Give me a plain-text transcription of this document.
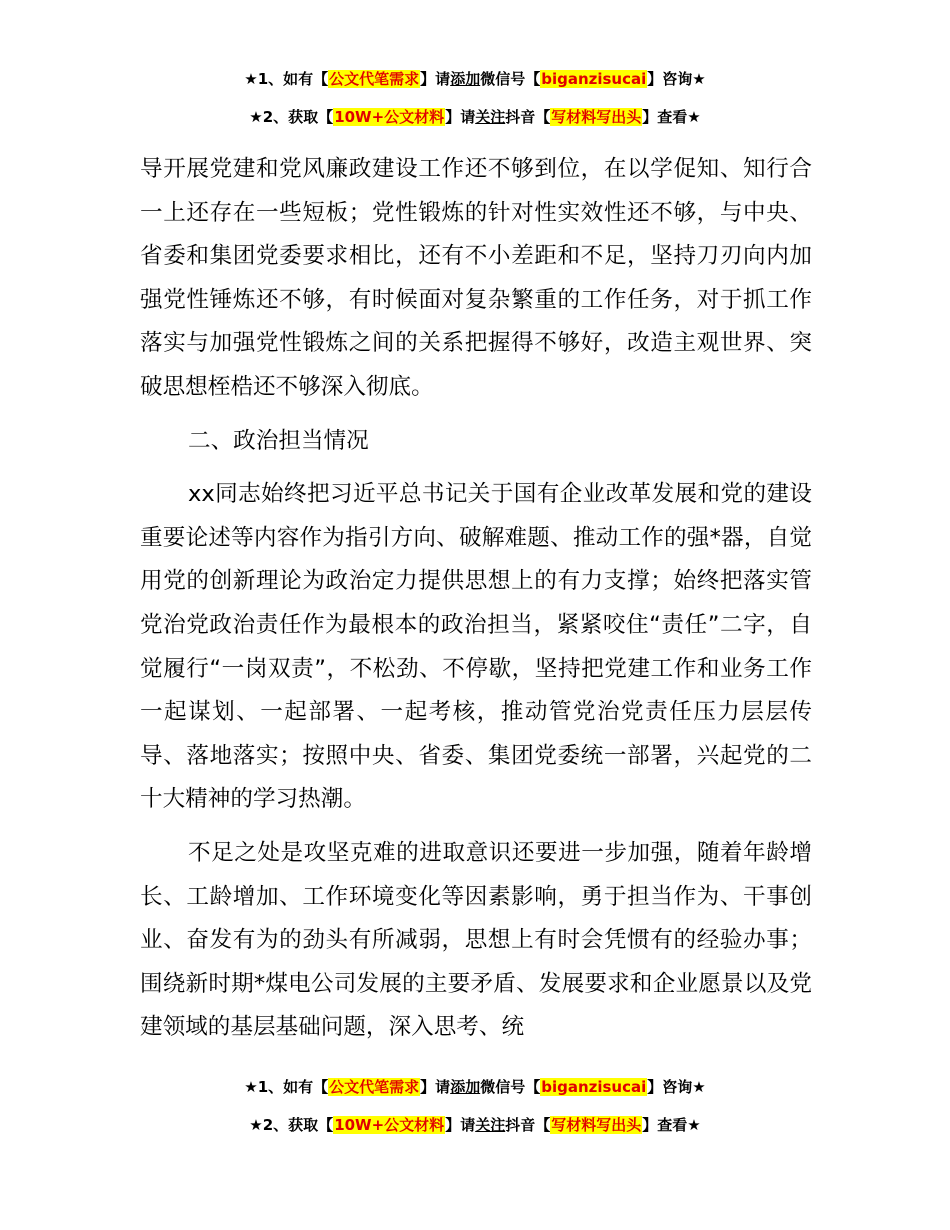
★1、如有【公文代笔需求】请添加微信号【biganzisucai】咨询★
★2、获取【10W+公文材料】请关注抖音【写材料写出头】查看★

导开展党建和党风廉政建设工作还不够到位，在以学促知、知行合一上还存在一些短板；党性锻炼的针对性实效性还不够，与中央、省委和集团党委要求相比，还有不小差距和不足，坚持刀刃向内加强党性锤炼还不够，有时候面对复杂繁重的工作任务，对于抓工作落实与加强党性锻炼之间的关系把握得不够好，改造主观世界、突破思想桎梏还不够深入彻底。

二、政治担当情况

xx同志始终把习近平总书记关于国有企业改革发展和党的建设重要论述等内容作为指引方向、破解难题、推动工作的强*器，自觉用党的创新理论为政治定力提供思想上的有力支撑；始终把落实管党治党政治责任作为最根本的政治担当，紧紧咬住“责任”二字，自觉履行“一岗双责”，不松劲、不停歇，坚持把党建工作和业务工作一起谋划、一起部署、一起考核，推动管党治党责任压力层层传导、落地落实；按照中央、省委、集团党委统一部署，兴起党的二十大精神的学习热潮。

不足之处是攻坚克难的进取意识还要进一步加强，随着年龄增长、工龄增加、工作环境变化等因素影响，勇于担当作为、干事创业、奋发有为的劲头有所减弱，思想上有时会凭惯有的经验办事；围绕新时期*煤电公司发展的主要矛盾、发展要求和企业愿景以及党建领域的基层基础问题，深入思考、统

★1、如有【公文代笔需求】请添加微信号【biganzisucai】咨询★
★2、获取【10W+公文材料】请关注抖音【写材料写出头】查看★
